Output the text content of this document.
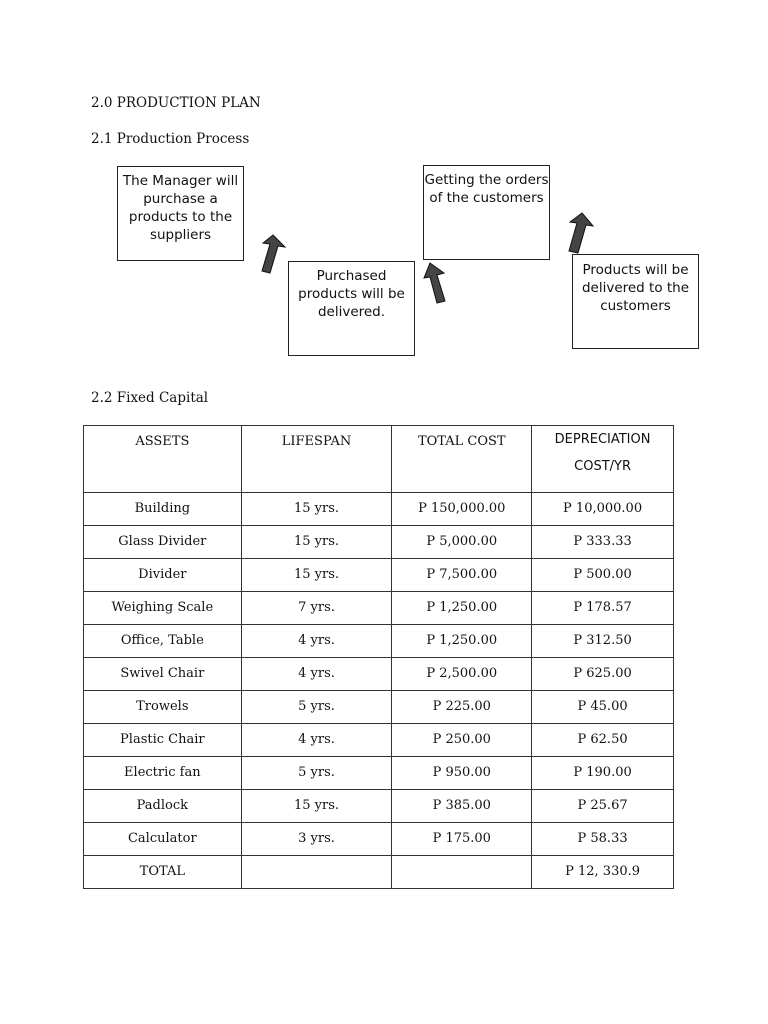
2.0 PRODUCTION PLAN
2.1 Production Process
The Manager will purchase a products to the suppliers
Purchased products will be delivered.
Getting the orders of the customers
Products will be delivered to the customers
2.2 Fixed Capital
ASSETS	LIFESPAN	TOTAL COST	DEPRECIATION COST/YR
Building	15 yrs.	P 150,000.00	P 10,000.00
Glass Divider	15 yrs.	P 5,000.00	P 333.33
Divider	15 yrs.	P 7,500.00	P 500.00
Weighing Scale	7 yrs.	P 1,250.00	P 178.57
Office, Table	4 yrs.	P 1,250.00	P 312.50
Swivel Chair	4 yrs.	P 2,500.00	P 625.00
Trowels	5 yrs.	P 225.00	P 45.00
Plastic Chair	4 yrs.	P 250.00	P 62.50
Electric fan	5 yrs.	P 950.00	P 190.00
Padlock	15 yrs.	P 385.00	P 25.67
Calculator	3 yrs.	P 175.00	P 58.33
TOTAL			P 12, 330.9
